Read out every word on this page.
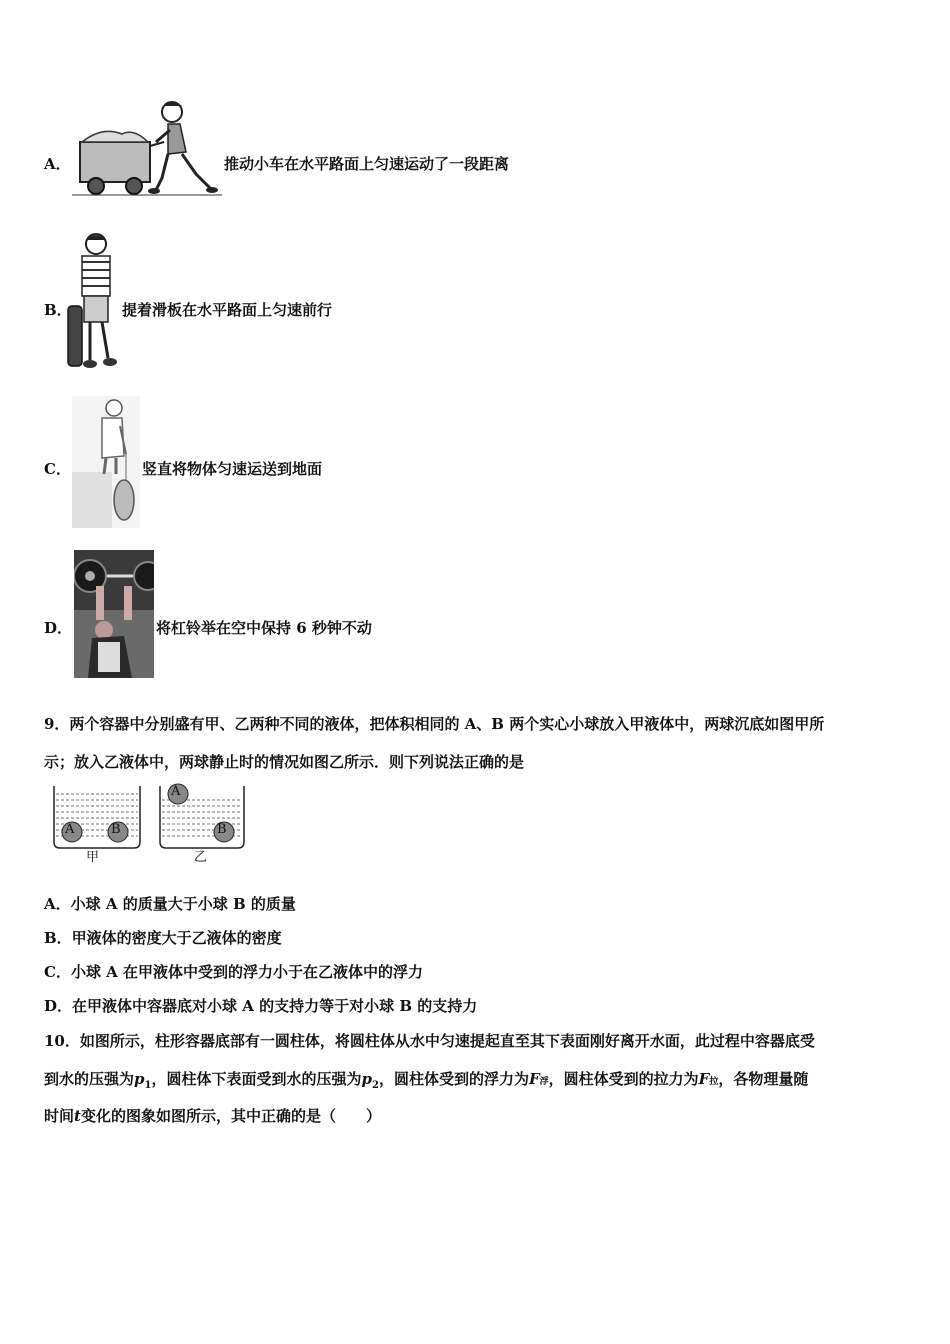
A．	推动小车在水平路面上匀速运动了一段距离
B．	提着滑板在水平路面上匀速前行
C．	竖直将物体匀速运送到地面
D．	将杠铃举在空中保持 6 秒钟不动
9．两个容器中分别盛有甲、乙两种不同的液体，把体积相同的 A、B 两个实心小球放入甲液体中，两球沉底如图甲所
示；放入乙液体中，两球静止时的情况如图乙所示．则下列说法正确的是
A	B
A
B
甲	乙
A．小球 A 的质量大于小球 B 的质量
B．甲液体的密度大于乙液体的密度
C．小球 A 在甲液体中受到的浮力小于在乙液体中的浮力
D．在甲液体中容器底对小球 A 的支持力等于对小球 B 的支持力
10．如图所示，柱形容器底部有一圆柱体，将圆柱体从水中匀速提起直至其下表面刚好离开水面，此过程中容器底受
到水的压强为$p_1$，圆柱体下表面受到水的压强为$p_2$，圆柱体受到的浮力为F浮，圆柱体受到的拉力为F拉，各物理量随
时间t变化的图象如图所示，其中正确的是（　　）
